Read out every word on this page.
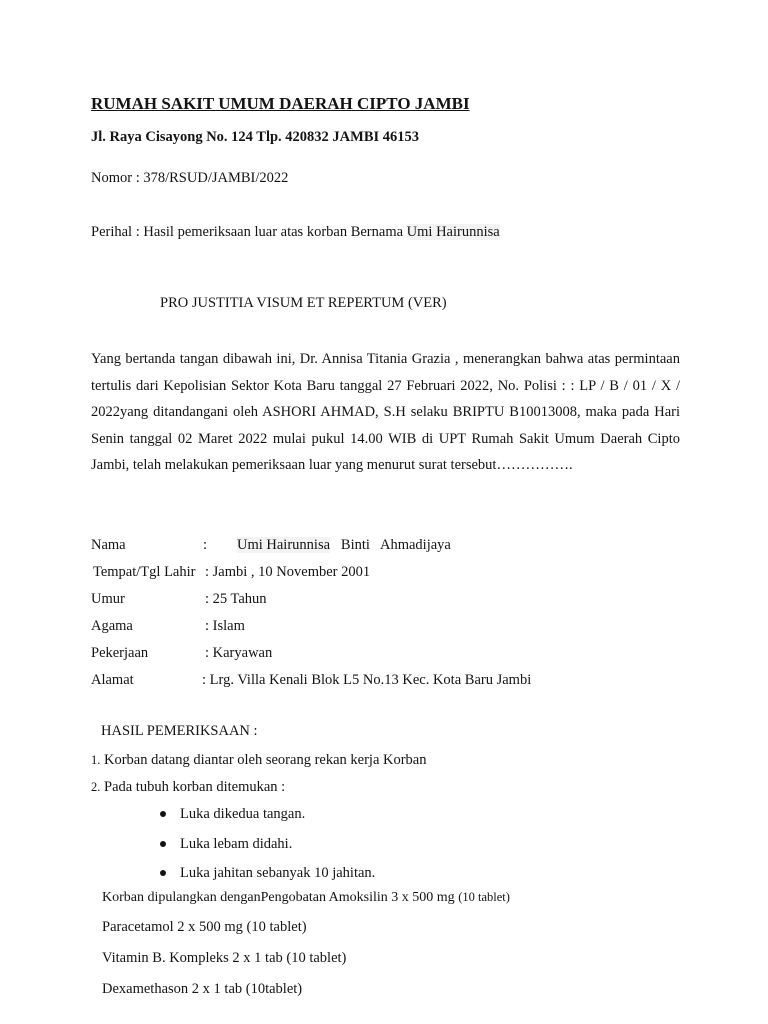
RUMAH SAKIT UMUM DAERAH CIPTO JAMBI
Jl. Raya Cisayong No. 124 Tlp. 420832 JAMBI 46153
Nomor : 378/RSUD/JAMBI/2022
Perihal : Hasil pemeriksaan luar atas korban Bernama Umi Hairunnisa
PRO JUSTITIA VISUM ET REPERTUM (VER)
Yang bertanda tangan dibawah ini, Dr. Annisa Titania Grazia , menerangkan bahwa atas permintaan tertulis dari Kepolisian Sektor Kota Baru tanggal 27 Februari 2022, No. Polisi : : LP / B / 01 / X / 2022yang ditandangani oleh ASHORI AHMAD, S.H selaku BRIPTU B10013008, maka pada Hari Senin tanggal 02 Maret 2022 mulai pukul 14.00 WIB di UPT Rumah Sakit Umum Daerah Cipto Jambi, telah melakukan pemeriksaan luar yang menurut surat tersebut…………….
Nama	: Umi Hairunnisa Binti   Ahmadijaya
Tempat/Tgl Lahir : Jambi , 10 November 2001
Umur	: 25 Tahun
Agama	: Islam
Pekerjaan	: Karyawan
Alamat	: Lrg. Villa Kenali Blok L5 No.13 Kec. Kota Baru Jambi
HASIL PEMERIKSAAN :
1. Korban datang diantar oleh seorang rekan kerja Korban
2. Pada tubuh korban ditemukan :
Luka dikedua tangan.
Luka lebam didahi.
Luka jahitan sebanyak 10 jahitan.
Korban dipulangkan denganPengobatan Amoksilin 3 x 500 mg (10 tablet)
Paracetamol 2 x 500 mg (10 tablet)
Vitamin B. Kompleks 2 x 1 tab (10 tablet)
Dexamethason 2 x 1 tab (10tablet)
